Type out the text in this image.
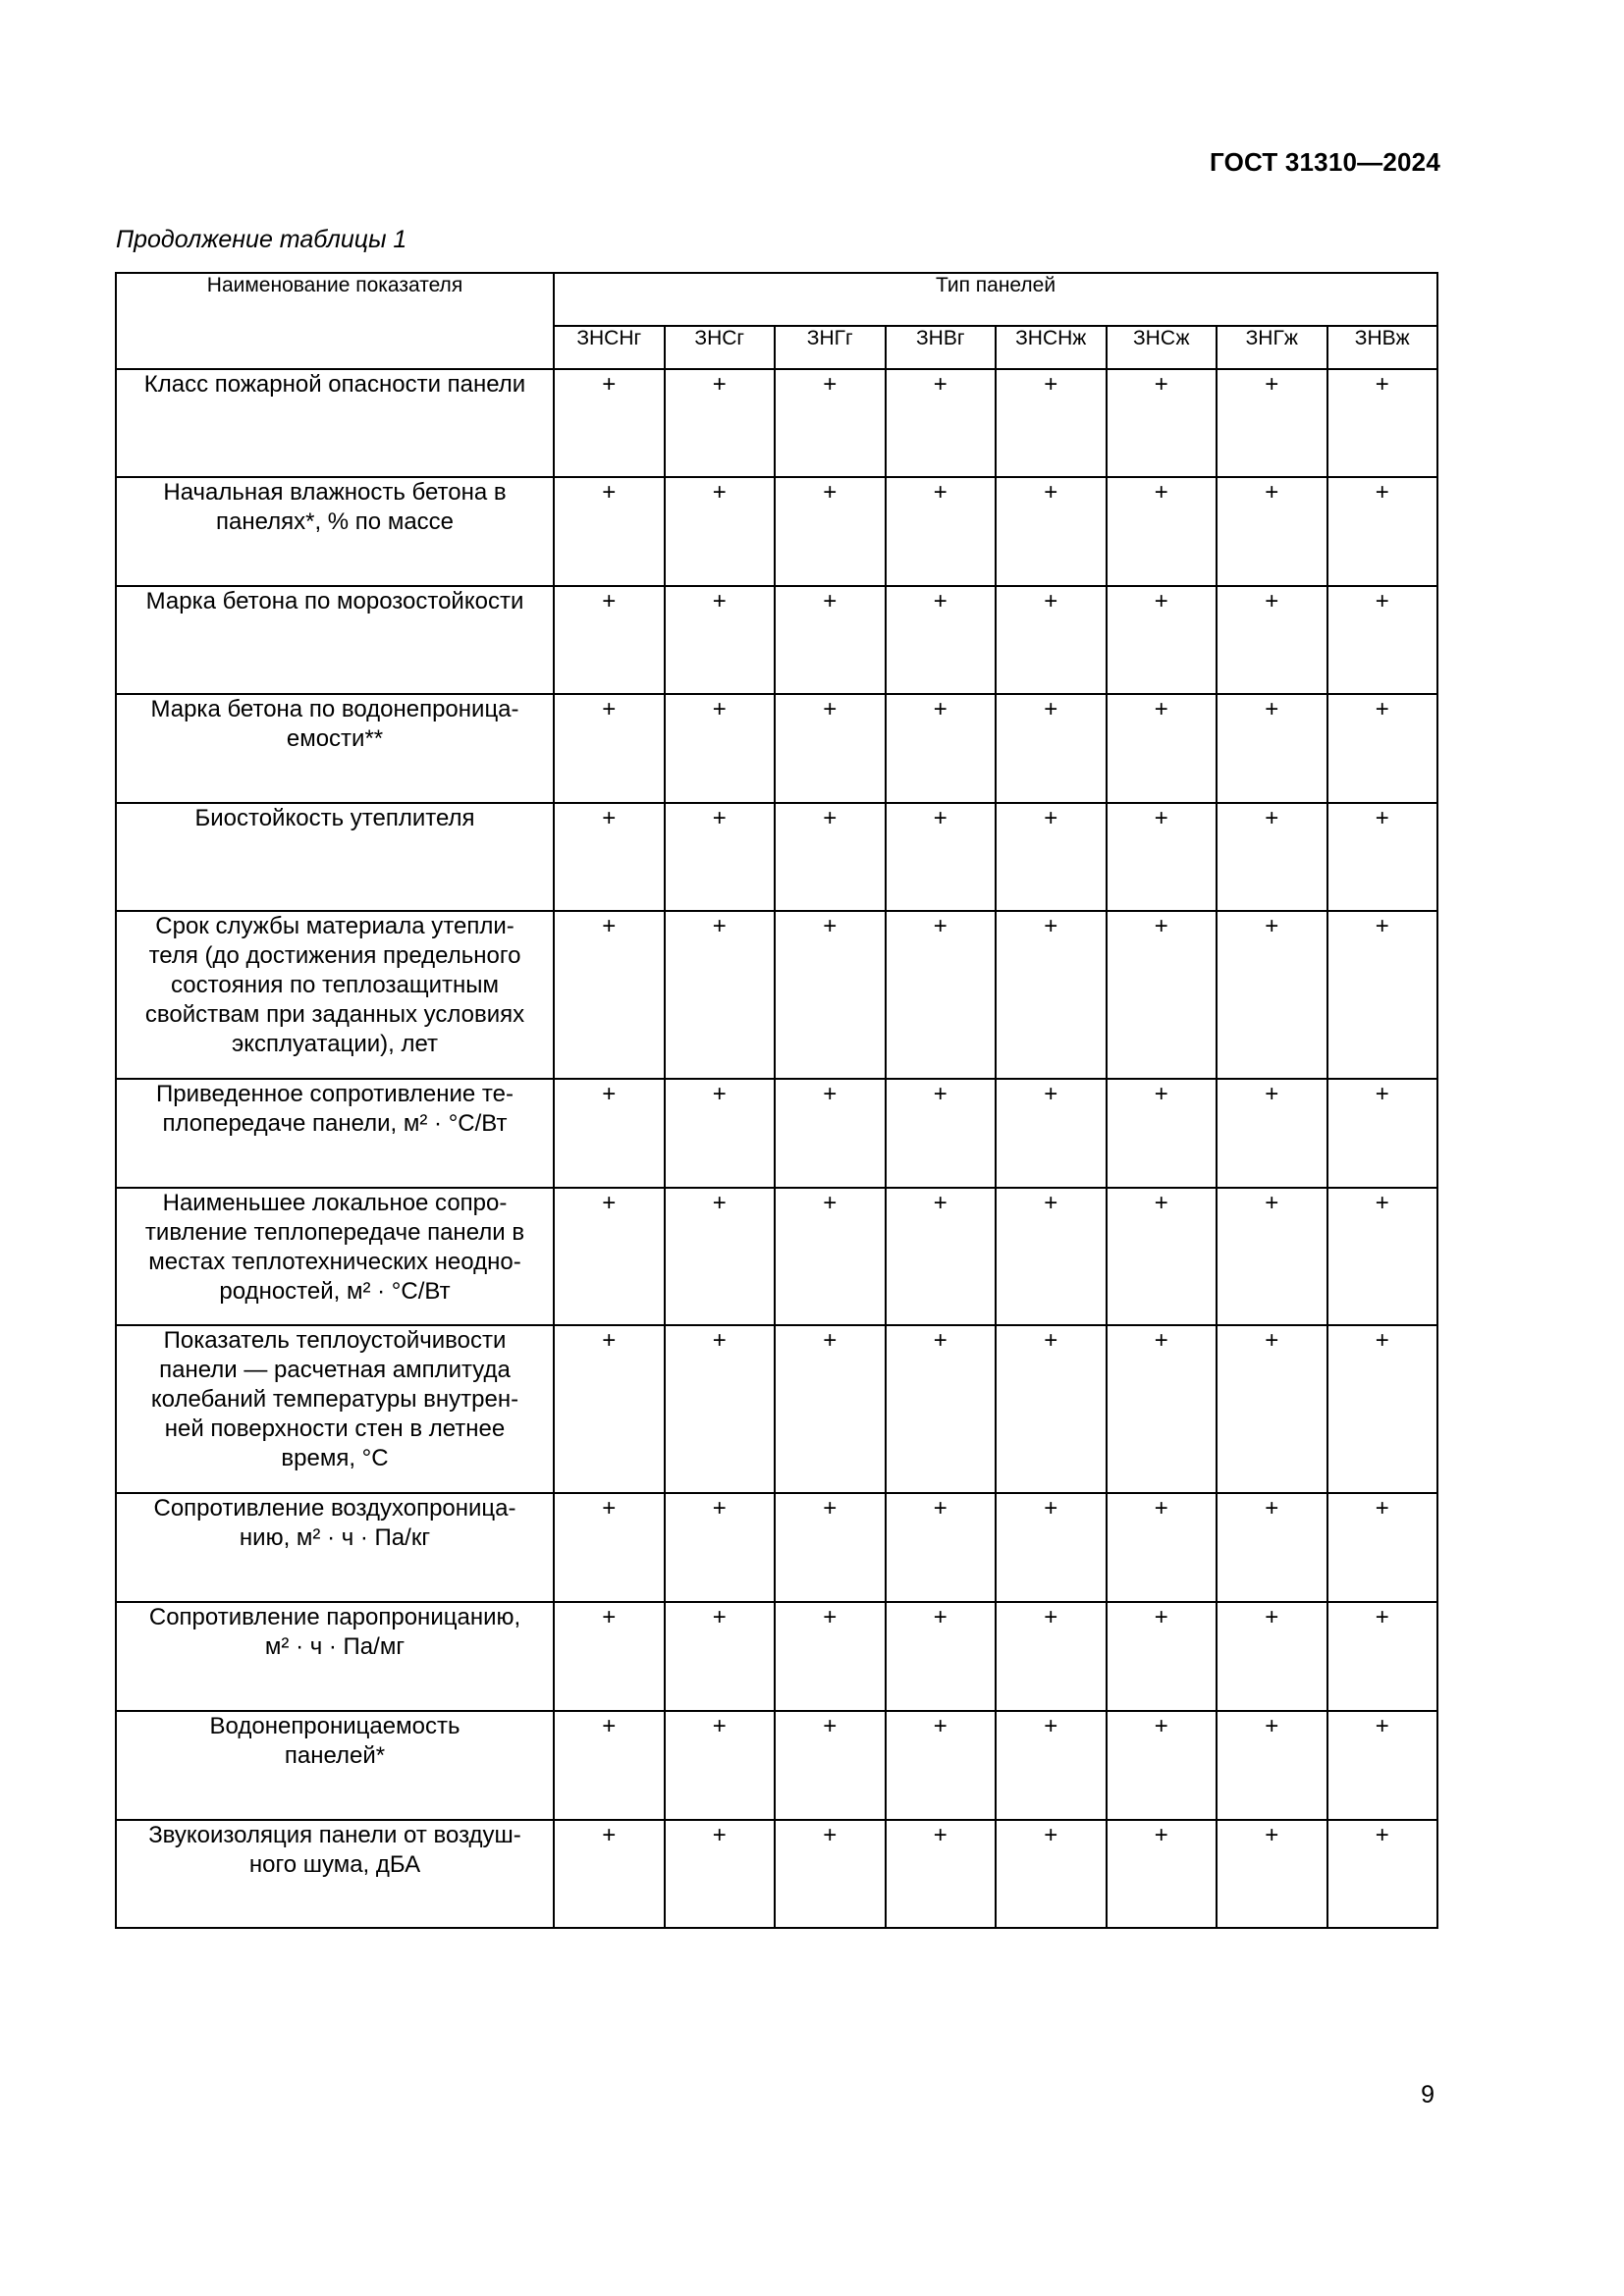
ГОСТ 31310—2024
Продолжение таблицы 1
Наименование показателя	Тип панелей							
	ЗНСНг	ЗНСг	ЗНГг	ЗНВг	ЗНСНж	ЗНСж	ЗНГж	ЗНВж

Класс пожарной опасности панели	+	+	+	+	+	+	+	+

Начальная влажность бетона в
панелях*, % по массе	+	+	+	+	+	+	+	+

Марка бетона по морозостойкости	+	+	+	+	+	+	+	+

Марка бетона по водонепроница-
емости**	+	+	+	+	+	+	+	+

Биостойкость утеплителя	+	+	+	+	+	+	+	+

Срок службы материала утепли-
теля (до достижения предельного
состояния по теплозащитным
свойствам при заданных условиях
эксплуатации), лет	+	+	+	+	+	+	+	+

Приведенное сопротивление те-
плопередаче панели, м² · °С/Вт	+	+	+	+	+	+	+	+

Наименьшее локальное сопро-
тивление теплопередаче панели в
местах теплотехнических неодно-
родностей, м² · °С/Вт	+	+	+	+	+	+	+	+

Показатель теплоустойчивости
панели — расчетная амплитуда
колебаний температуры внутрен-
ней поверхности стен в летнее
время, °С	+	+	+	+	+	+	+	+

Сопротивление воздухопроница-
нию, м² · ч · Па/кг	+	+	+	+	+	+	+	+

Сопротивление паропроницанию,
м² · ч · Па/мг	+	+	+	+	+	+	+	+

Водонепроницаемость
панелей*	+	+	+	+	+	+	+	+

Звукоизоляция панели от воздуш-
ного шума, дБА	+	+	+	+	+	+	+	+
9
